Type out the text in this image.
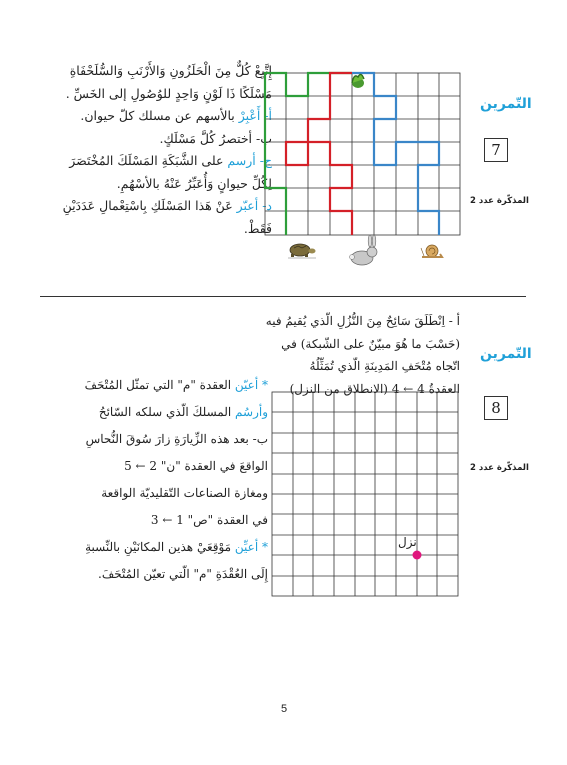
إِتَّبِعْ كُلٌّ مِنَ الْحَلَزُونِ وَالأَرْنَبِ وَالسُّلَحْفَاةِ
مَسْلَكًا ذَا لَوْنٍ وَاحِدٍ للوُصُولِ إلى الخَسِّ .
أ- أَعْبِرْ بالأسهم عن مسلك كلّ حيوان.
ب- أختصرُ كُلَّ مَسْلَكٍ.
ج- أرسم على الشَّبَكَةِ المَسْلَكَ المُخْتَصَرَ
لِكُلِّ حيوانٍ وَأُعَبِّرُ عَنْهُ بالأسْهُمِ.
د- أعبّر عَنْ هَذا المَسْلَكِ بِاسْتِعْمالِ عَدَدَيْنِ
فَقَطْ.
التّمرين
7
المذكّرة عدد 2
أ - اِنْطَلَقَ سَائِحٌ مِنَ النُّزُلِ الّذي يُقيمُ فيه
(حَسْبَ ما هُوَ مبيّنٌ على الشّبكة) في
اتّجاه مُتْحَفِ المَدِينَةِ الّذي تُمَثِّلُهُ
العقدةُ 4 ← 4 (الانطلاق من النزل)
* أعيّن العقدة "م" التي تمثّل المُتْحَفَ
وأرسُم المسلكَ الّذي سلكه السّائحُ
ب- بعد هذه الزِّيارَةِ زارَ سُوقَ النُّحاسِ
الواقعَ في العقدة "ن" 2 ← 5
ومغازة الصناعات التّقليديّة الواقعة
في العقدة "ص" 1 ← 3
* أعيِّن مَوْقِعَيْ هذين المكانَيْنِ بالنِّسبةِ
إِلَى العُقْدَةِ "م" الّتي تعيّن المُتْحَفَ.
نزل
التّمرين
8
المذكّرة عدد 2
5
